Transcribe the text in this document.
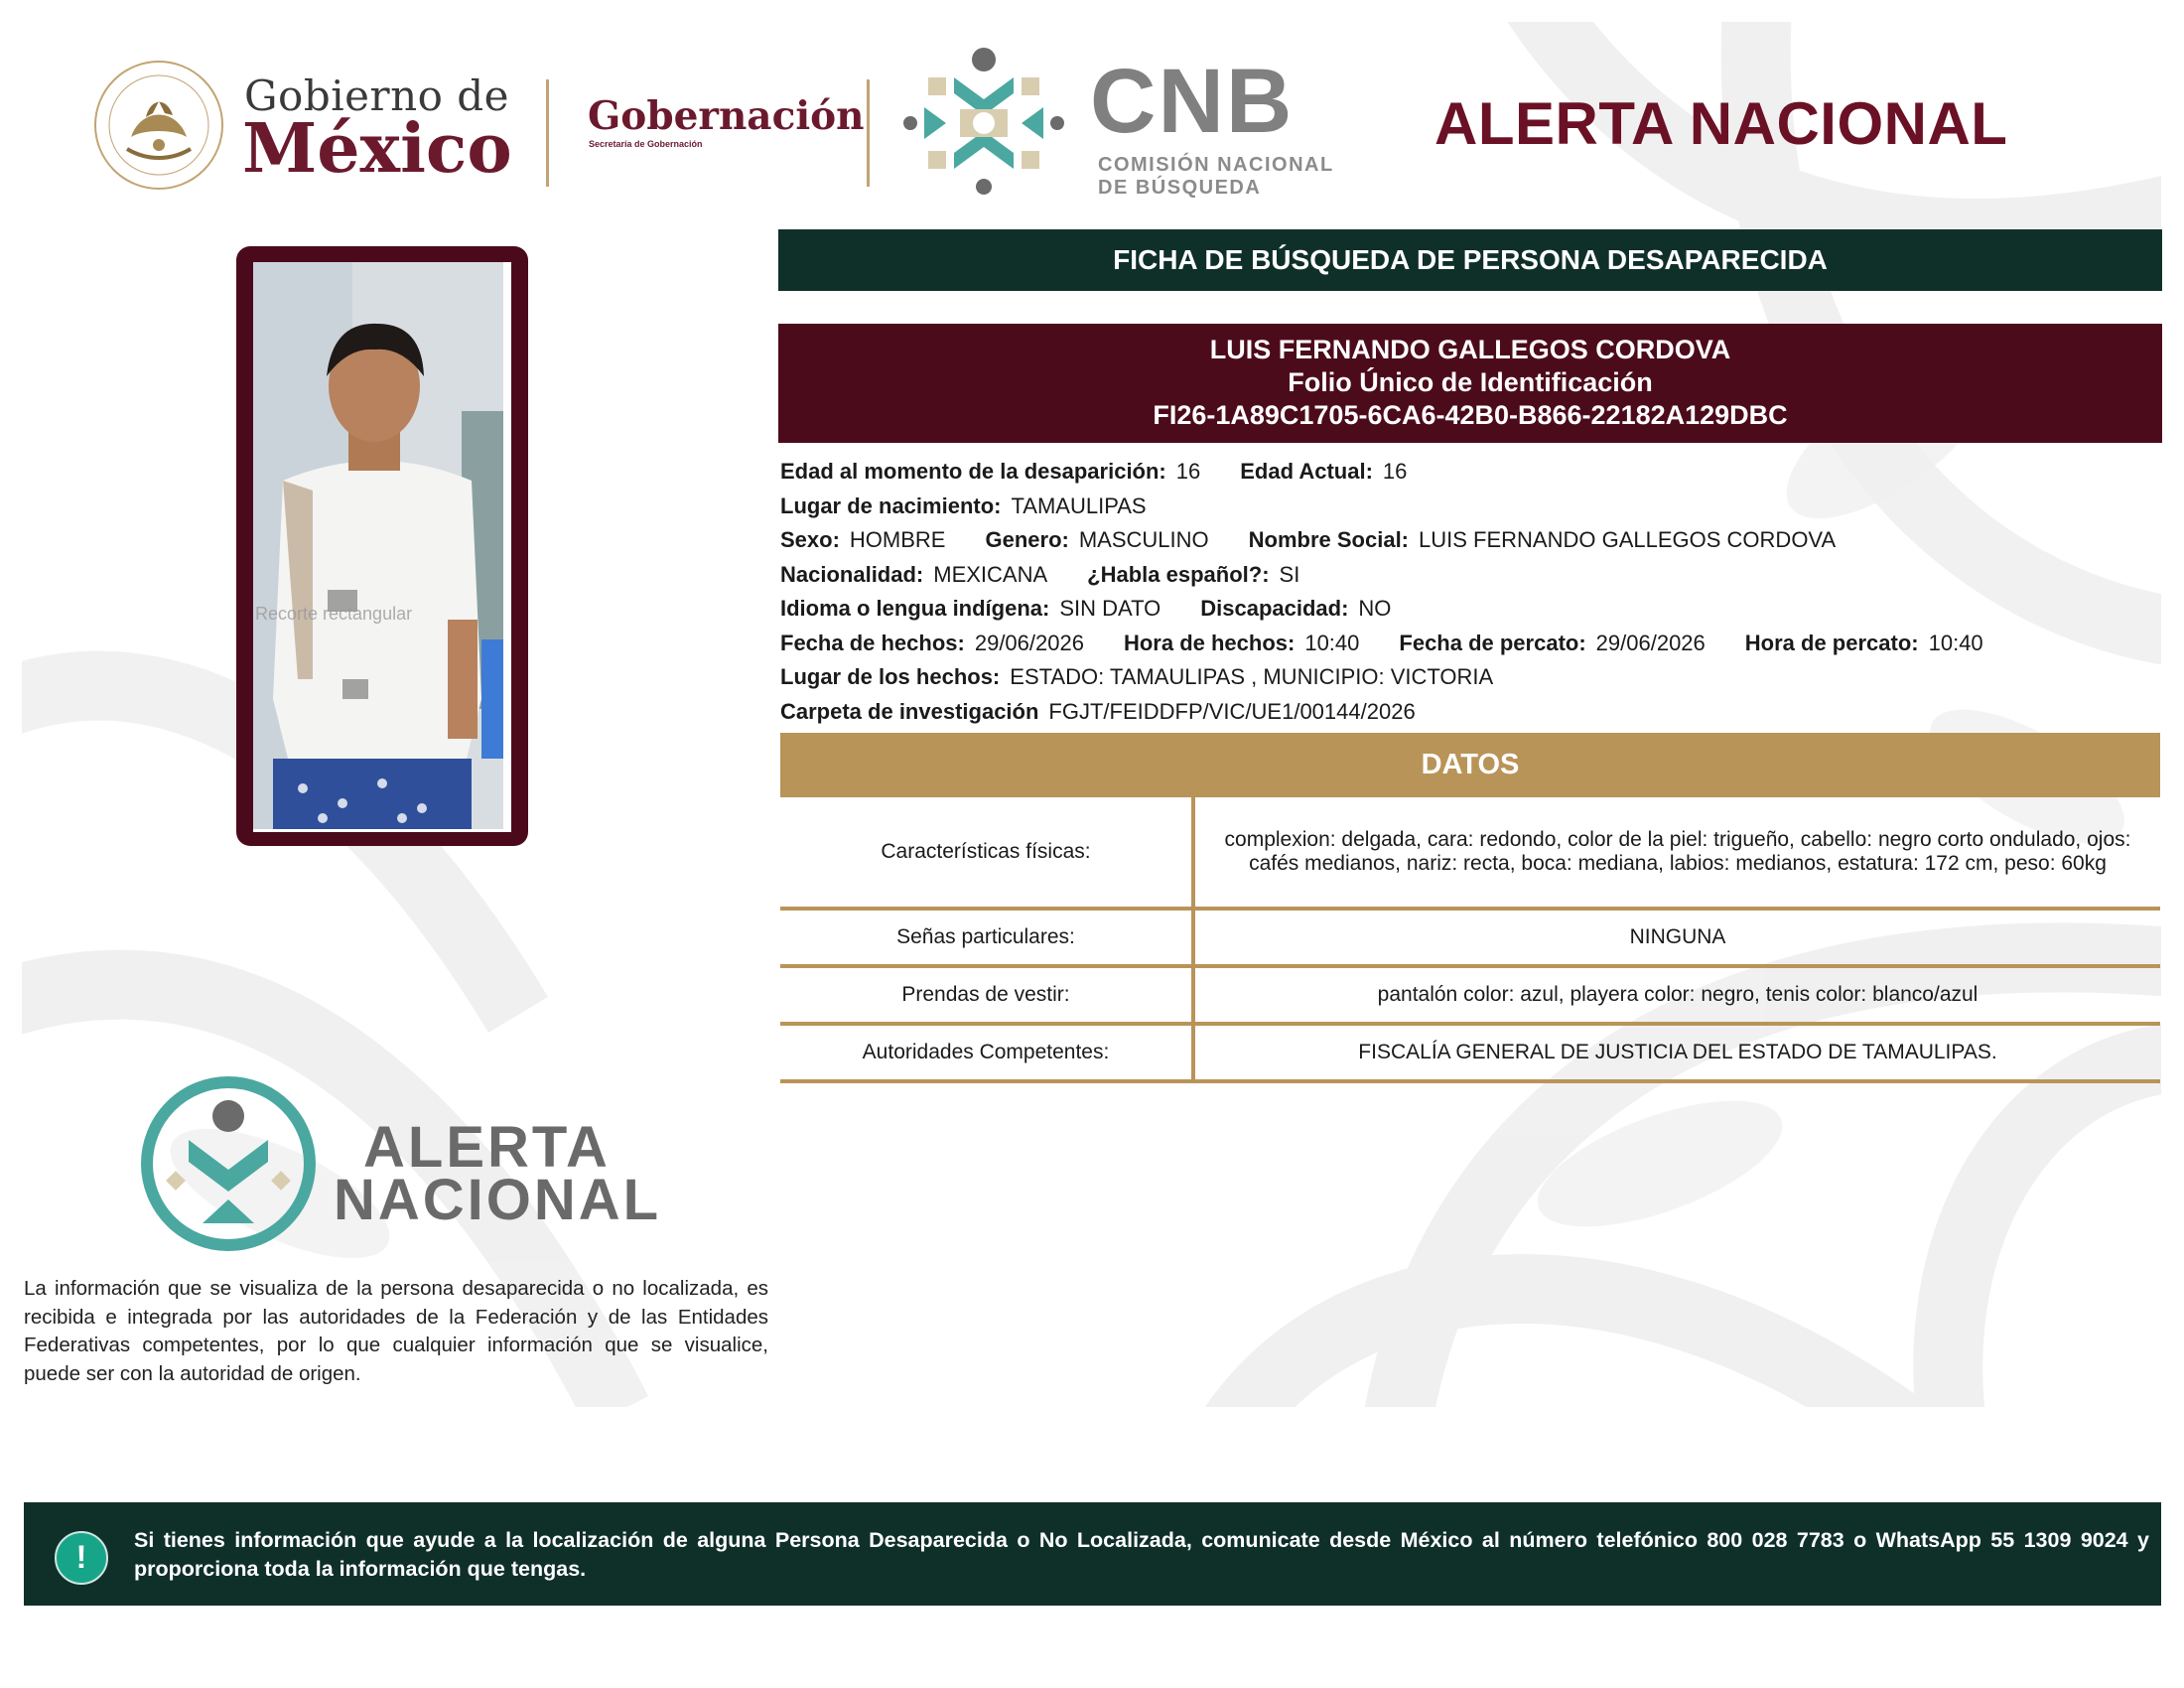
Gobierno de
México Gobernación
Secretaría de Gobernación	CNB
COMISIÓN NACIONAL
DE BÚSQUEDA
ALERTA NACIONAL
Recorte rectangular
FICHA DE BÚSQUEDA DE PERSONA DESAPARECIDA
LUIS FERNANDO GALLEGOS CORDOVA
Folio Único de Identificación
FI26-1A89C1705-6CA6-42B0-B866-22182A129DBC
Edad al momento de la desaparición: 16 Edad Actual: 16
Lugar de nacimiento: TAMAULIPAS
Sexo: HOMBRE Genero: MASCULINO Nombre Social: LUIS FERNANDO GALLEGOS CORDOVA
Nacionalidad: MEXICANA ¿Habla español?: SI
Idioma o lengua indígena: SIN DATO Discapacidad: NO
Fecha de hechos: 29/06/2026 Hora de hechos: 10:40 Fecha de percato: 29/06/2026 Hora de percato: 10:40
Lugar de los hechos: ESTADO: TAMAULIPAS , MUNICIPIO: VICTORIA
Carpeta de investigación FGJT/FEIDDFP/VIC/UE1/00144/2026
DATOS
Características físicas:	complexion: delgada, cara: redondo, color de la piel: trigueño, cabello: negro corto ondulado, ojos: cafés medianos, nariz: recta, boca: mediana, labios: medianos, estatura: 172 cm, peso: 60kg
Señas particulares:	NINGUNA
Prendas de vestir:	pantalón color: azul, playera color: negro, tenis color: blanco/azul
Autoridades Competentes:	FISCALÍA GENERAL DE JUSTICIA DEL ESTADO DE TAMAULIPAS.
ALERTA
NACIONAL
La información que se visualiza de la persona desaparecida o no localizada, es recibida e integrada por las autoridades de la Federación y de las Entidades Federativas competentes, por lo que cualquier información que se visualice, puede ser con la autoridad de origen.
!	Si tienes información que ayude a la localización de alguna Persona Desaparecida o No Localizada, comunicate desde México al número telefónico 800 028 7783 o WhatsApp 55 1309 9024 y proporciona toda la información que tengas.
